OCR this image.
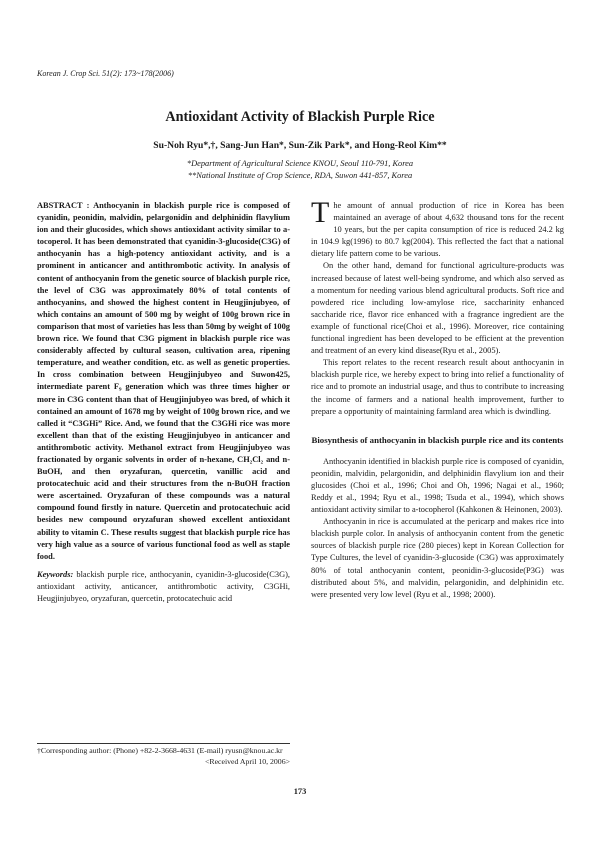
Korean J. Crop Sci. 51(2): 173~178(2006)
Antioxidant Activity of Blackish Purple Rice
Su-Noh Ryu*,†, Sang-Jun Han*, Sun-Zik Park*, and Hong-Reol Kim**
*Department of Agricultural Science KNOU, Seoul 110-791, Korea
**National Institute of Crop Science, RDA, Suwon 441-857, Korea

ABSTRACT : Anthocyanin in blackish purple rice is composed of cyanidin, peonidin, malvidin, pelargonidin and delphinidin flavylium ion and their glucosides, which shows antioxidant activity similar to a-tocoperol. It has been demonstrated that cyanidin-3-glucoside(C3G) of anthocyanin has a high-potency antioxidant activity, and is a prominent in anticancer and antithrombotic activity. In analysis of content of anthocyanin from the genetic source of blackish purple rice, the level of C3G was approximately 80% of total contents of anthocyanins, and showed the highest content in Heugjinjubyeo, of which contains an amount of 500 mg by weight of 100g brown rice in comparison that most of varieties has less than 50mg by weight of 100g brown rice. We found that C3G pigment in blackish purple rice was considerably affected by cultural season, cultivation area, ripening temperature, and weather condition, etc. as well as genetic properties. In cross combination between Heugjinjubyeo and Suwon425, intermediate parent F₉ generation which was three times higher or more in C3G content than that of Heugjinjubyeo was bred, of which it contained an amount of 1678 mg by weight of 100g brown rice, and we called it “C3GHi” Rice. And, we found that the C3GHi rice was more excellent than that of the existing Heugjinjubyeo in anticancer and antithrombotic activity. Methanol extract from Heugjinjubyeo was fractionated by organic solvents in order of n-hexane, CH₂Cl₂ and n-BuOH, and then oryzafuran, quercetin, vanillic acid and protocatechuic acid and their structures from the n-BuOH fraction were ascertained. Oryzafuran of these compounds was a natural compound found firstly in nature. Quercetin and protocatechuic acid besides new compound oryzafuran showed excellent antioxidant ability to vitamin C. These results suggest that blackish purple rice has very high value as a source of various functional food as well as staple food.

Keywords: blackish purple rice, anthocyanin, cyanidin-3-glucoside(C3G), antioxidant activity, anticancer, antithrombotic activity, C3GHi, Heugjinjubyeo, oryzafuran, quercetin, protocatechuic acid

T he amount of annual production of rice in Korea has been maintained an average of about 4,632 thousand tons for the recent 10 years, but the per capita consumption of rice is reduced 24.2 kg in 104.9 kg(1996) to 80.7 kg(2004). This reflected the fact that a national dietary life pattern come to be various.

On the other hand, demand for functional agriculture-products was increased because of latest well-being syndrome, and which also served as a momentum for needing various blend agricultural products. Soft rice and powdered rice including low-amylose rice, saccharinity enhanced saccharide rice, flavor rice enhanced with a fragrance ingredient are the example of functional rice(Choi et al., 1996). Moreover, rice containing functional ingredient has been developed to be efficient at the prevention and treatment of an every kind disease(Ryu et al., 2005).

This report relates to the recent research result about anthocyanin in blackish purple rice, we hereby expect to bring into relief a functionality of rice and to promote an industrial usage, and thus to contribute to increasing the income of farmers and a national health improvement, further to prepare a opportunity of maintaining farmland area which is dwindling.

Biosynthesis of anthocyanin in blackish purple rice and its contents

Anthocyanin identified in blackish purple rice is composed of cyanidin, peonidin, malvidin, pelargonidin, and delphinidin flavylium ion and their glucosides (Choi et al., 1996; Choi and Oh, 1996; Nagai et al., 1960; Reddy et al., 1994; Ryu et al., 1998; Tsuda et al., 1994), which shows antioxidant activity similar to a-tocopherol (Kahkonen & Heinonen, 2003).

Anthocyanin in rice is accumulated at the pericarp and makes rice into blackish purple color. In analysis of anthocyanin content from the genetic sources of blackish purple rice (280 pieces) kept in Korean Collection for Type Cultures, the level of cyanidin-3-glucoside (C3G) was approximately 80% of total anthocyanin content, peonidin-3-glucoside(P3G) was distributed about 5%, and malvidin, pelargonidin, and delphinidin etc. were presented very low level (Ryu et al., 1998; 2000).

†Corresponding author: (Phone) +82-2-3668-4631 (E-mail) ryusn@knou.ac.kr
<Received April 10, 2006>
173
